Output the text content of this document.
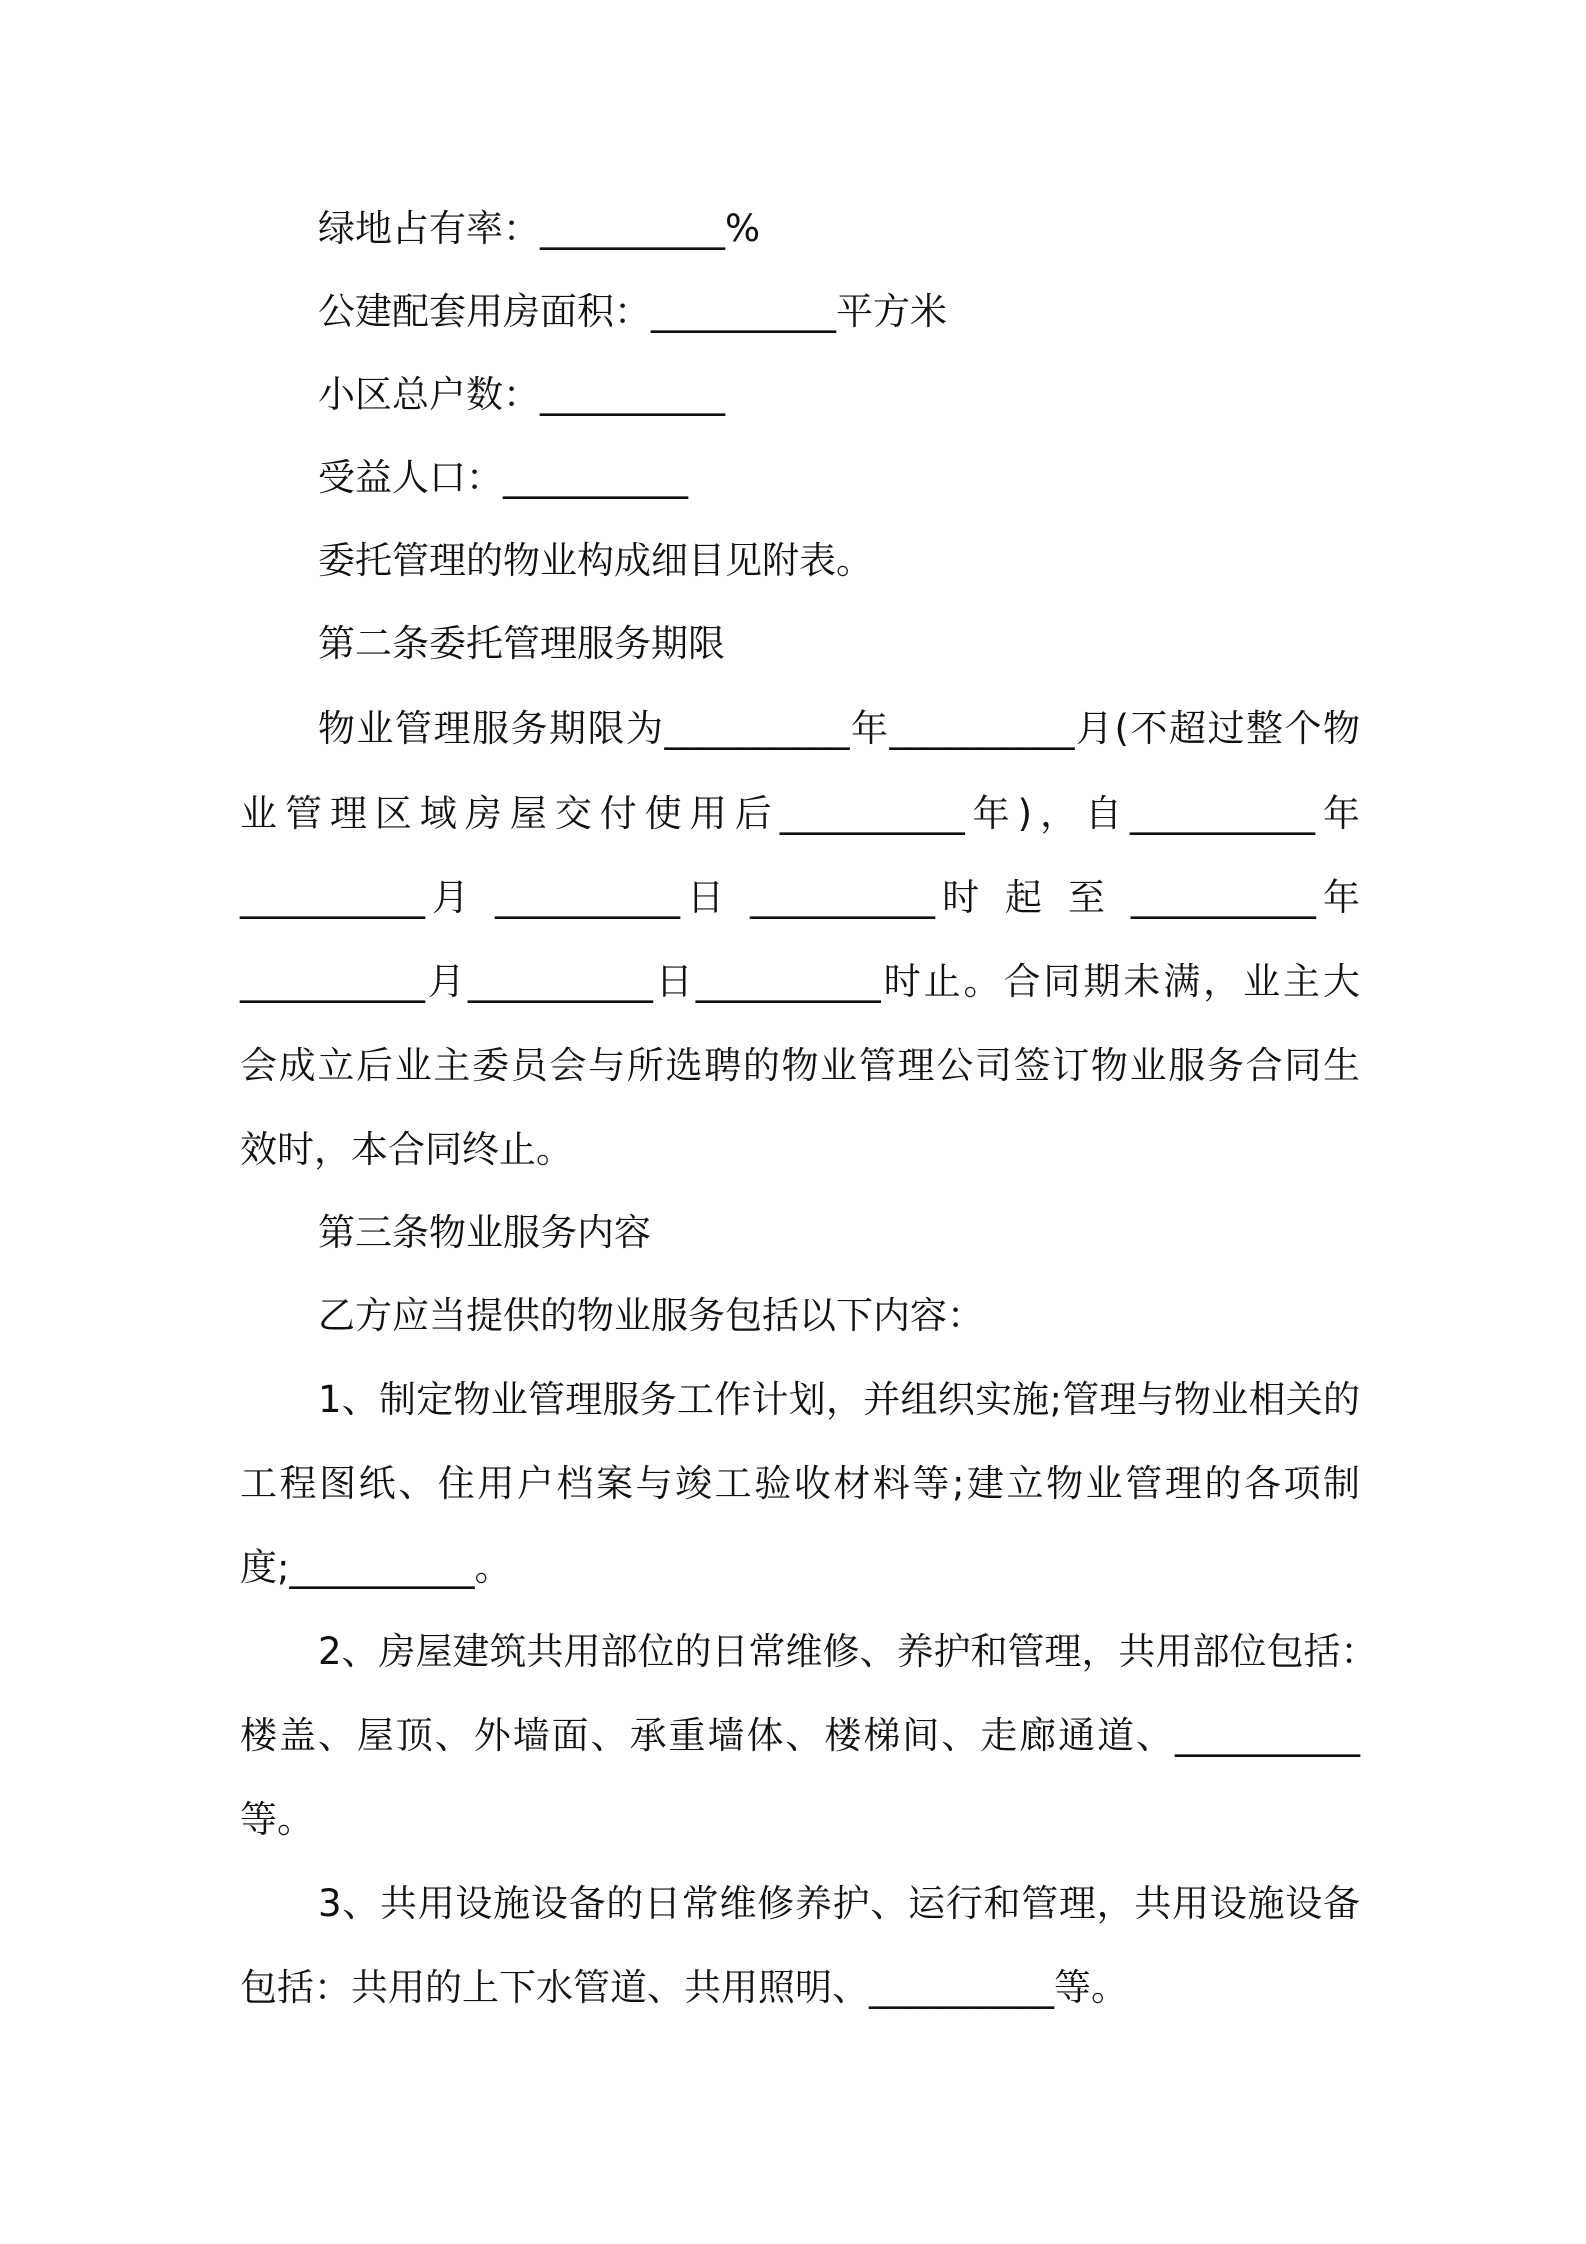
绿地占有率：__________%
公建配套用房面积：__________平方米
小区总户数：__________
受益人口：__________
委托管理的物业构成细目见附表。
第二条委托管理服务期限
物业管理服务期限为__________年__________月(不超过整个物
业管理区域房屋交付使用后__________年)，自__________年
__________月 __________日 __________时 起 至 __________年
__________月__________日__________时止。合同期未满，业主大
会成立后业主委员会与所选聘的物业管理公司签订物业服务合同生
效时，本合同终止。
第三条物业服务内容
乙方应当提供的物业服务包括以下内容：
1、制定物业管理服务工作计划，并组织实施;管理与物业相关的
工程图纸、住用户档案与竣工验收材料等;建立物业管理的各项制
度;__________。
2、房屋建筑共用部位的日常维修、养护和管理，共用部位包括：
楼盖、屋顶、外墙面、承重墙体、楼梯间、走廊通道、__________
等。
3、共用设施设备的日常维修养护、运行和管理，共用设施设备
包括：共用的上下水管道、共用照明、__________等。
